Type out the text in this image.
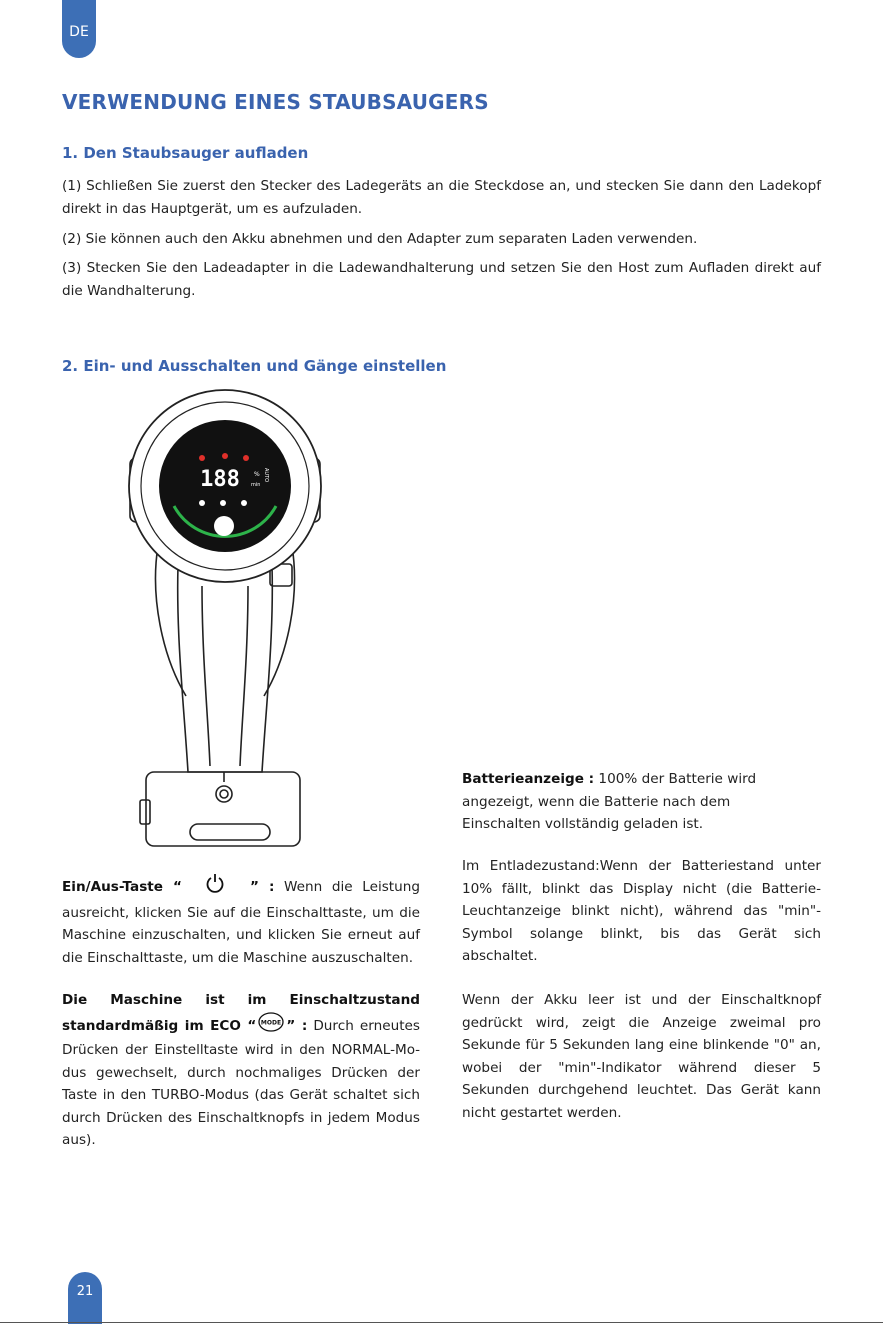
DE
VERWENDUNG EINES STAUBSAUGERS
1. Den Staubsauger aufladen
(1) Schließen Sie zuerst den Stecker des Ladegeräts an die Steckdose an, und stecken Sie dann den Ladekopf direkt in das Hauptgerät, um es aufzuladen.
(2) Sie können auch den Akku abnehmen und den Adapter zum separaten Laden verwenden.
(3) Stecken Sie den Ladeadapter in die Ladewandhalterung und setzen Sie den Host zum Aufladen direkt auf die Wandhalterung.
2. Ein- und Ausschalten und Gänge einstellen
188 %
min
AUTO
Ein/Aus-Taste “	” : Wenn die Leistung ausreicht, klicken Sie auf die Einschalttaste, um die Maschine einzuschalten, und klicken Sie erneut auf die Einschalttaste, um die Maschine auszuschalten.
Die Maschine ist im Einschaltzustand standardmäßig im ECO “ MODE ” : Durch erneutes Drücken der Einstelltaste wird in den NORMAL-Modus gewechselt, durch nochmaliges Drücken der Taste in den TURBO-Modus (das Gerät schaltet sich durch Drücken des Einschaltknopfs in jedem Modus aus).
Batterieanzeige : 100% der Batterie wird angezeigt, wenn die Batterie nach dem Einschalten vollständig geladen ist.
Im Entladezustand:Wenn der Batteriestand unter 10% fällt, blinkt das Display nicht (die Batterie-Leuchtanzeige blinkt nicht), während das "min"-Symbol solange blinkt, bis das Gerät sich abschaltet.
Wenn der Akku leer ist und der Einschaltknopf gedrückt wird, zeigt die Anzeige zweimal pro Sekunde für 5 Sekunden lang eine blinkende "0" an, wobei der "min"-Indikator während dieser 5 Sekunden durchgehend leuchtet. Das Gerät kann nicht gestartet werden.
21
